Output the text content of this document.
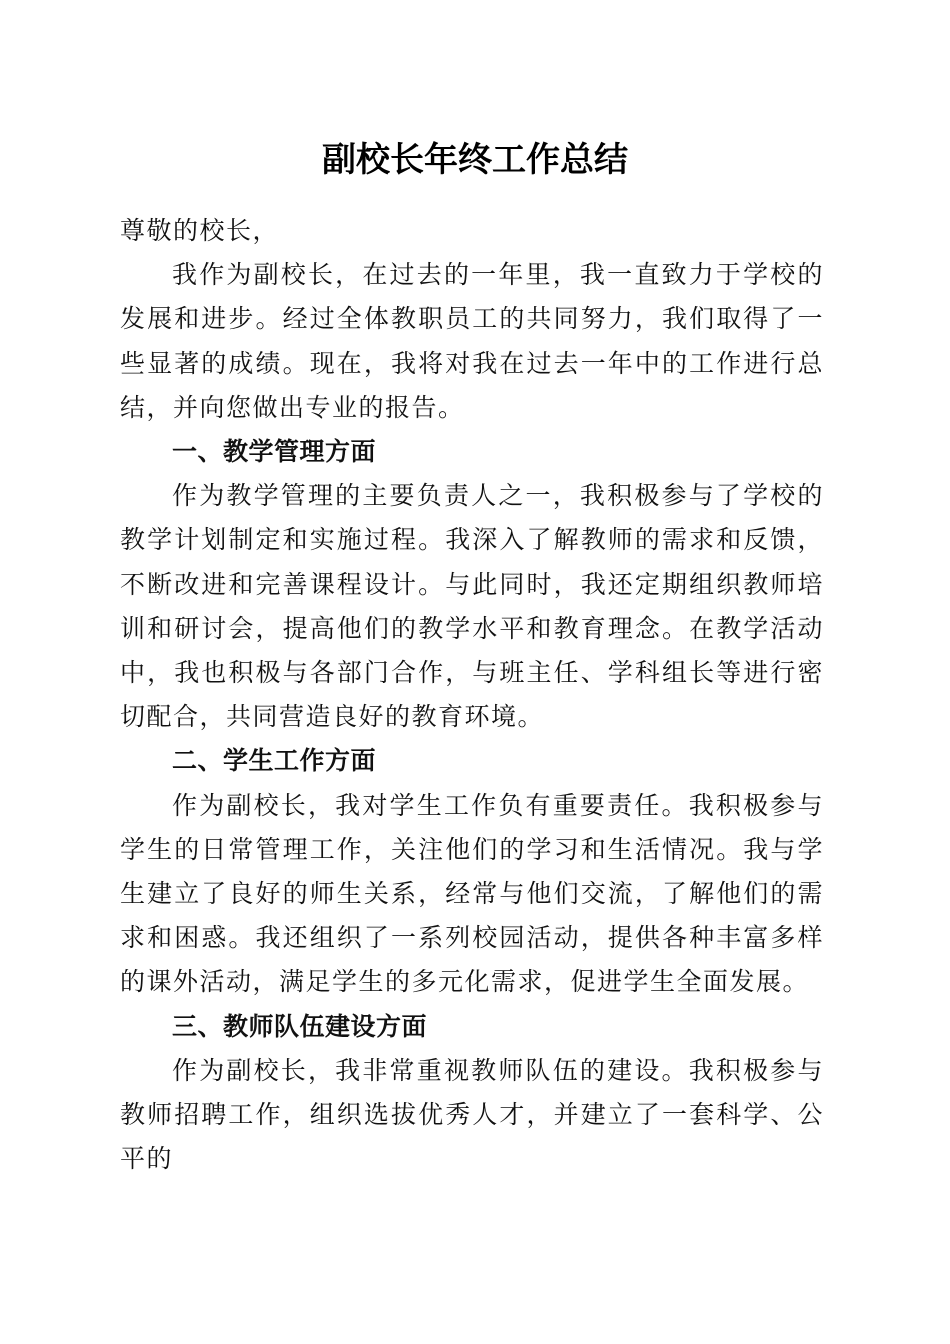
副校长年终工作总结

尊敬的校长，

我作为副校长，在过去的一年里，我一直致力于学校的发展和进步。经过全体教职员工的共同努力，我们取得了一些显著的成绩。现在，我将对我在过去一年中的工作进行总结，并向您做出专业的报告。

一、教学管理方面

作为教学管理的主要负责人之一，我积极参与了学校的教学计划制定和实施过程。我深入了解教师的需求和反馈，不断改进和完善课程设计。与此同时，我还定期组织教师培训和研讨会，提高他们的教学水平和教育理念。在教学活动中，我也积极与各部门合作，与班主任、学科组长等进行密切配合，共同营造良好的教育环境。

二、学生工作方面

作为副校长，我对学生工作负有重要责任。我积极参与学生的日常管理工作，关注他们的学习和生活情况。我与学生建立了良好的师生关系，经常与他们交流，了解他们的需求和困惑。我还组织了一系列校园活动，提供各种丰富多样的课外活动，满足学生的多元化需求，促进学生全面发展。

三、教师队伍建设方面

作为副校长，我非常重视教师队伍的建设。我积极参与教师招聘工作，组织选拔优秀人才，并建立了一套科学、公平的
